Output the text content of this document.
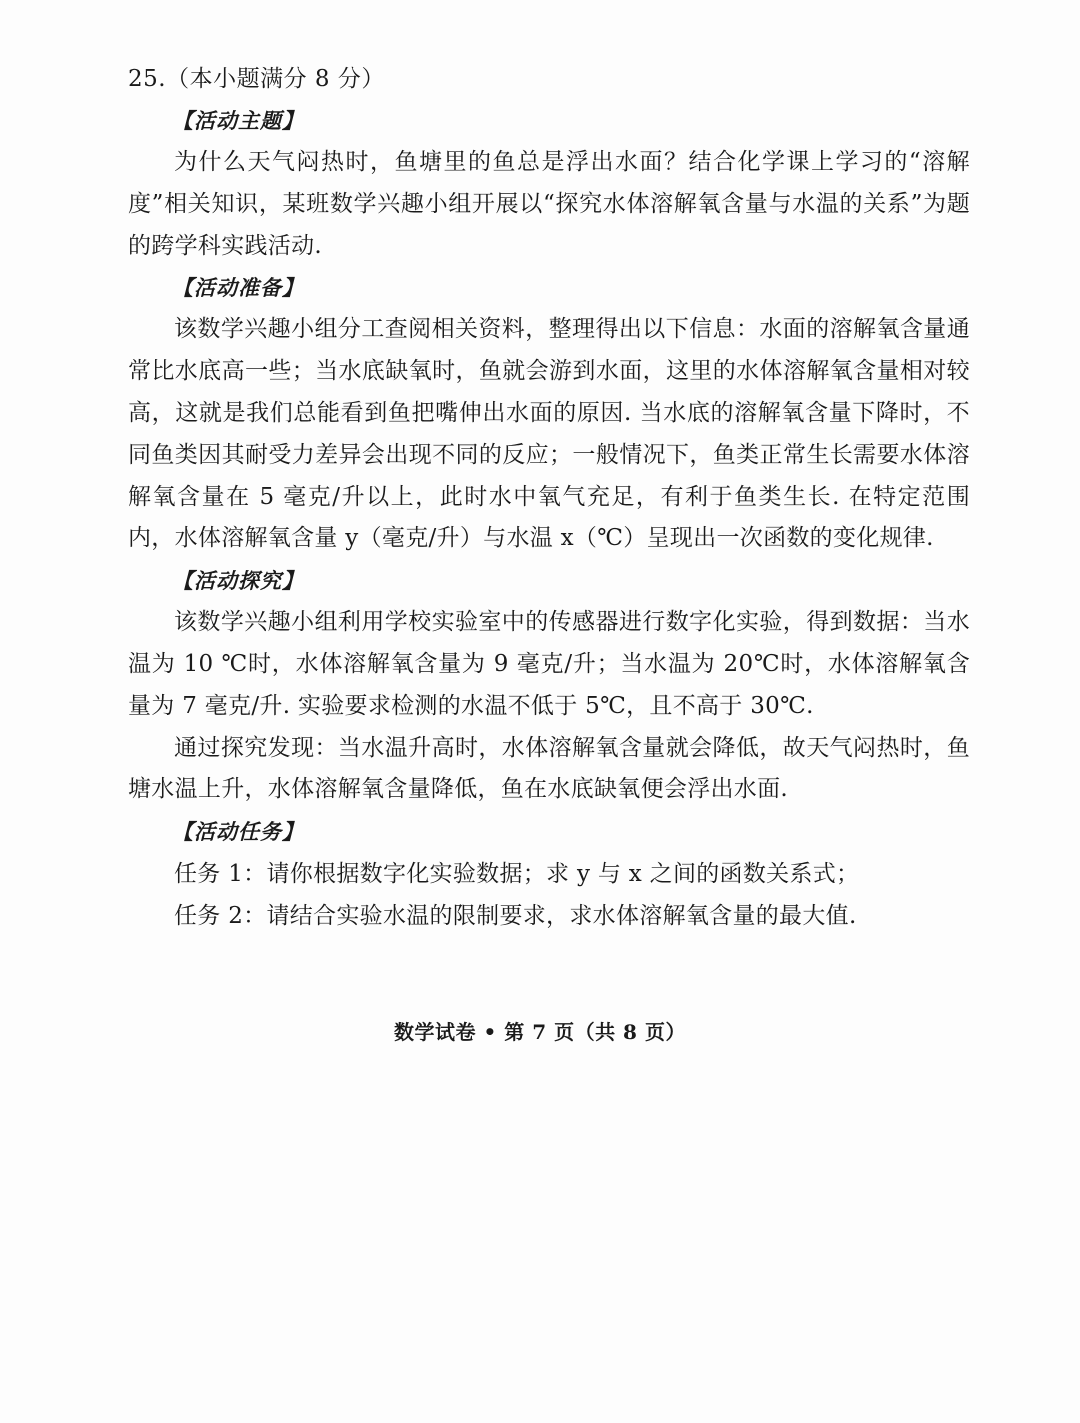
25.（本小题满分 8 分）

【活动主题】

为什么天气闷热时，鱼塘里的鱼总是浮出水面？结合化学课上学习的“溶解度”相关知识，某班数学兴趣小组开展以“探究水体溶解氧含量与水温的关系”为题的跨学科实践活动.

【活动准备】

该数学兴趣小组分工查阅相关资料，整理得出以下信息：水面的溶解氧含量通常比水底高一些；当水底缺氧时，鱼就会游到水面，这里的水体溶解氧含量相对较高，这就是我们总能看到鱼把嘴伸出水面的原因. 当水底的溶解氧含量下降时，不同鱼类因其耐受力差异会出现不同的反应；一般情况下，鱼类正常生长需要水体溶解氧含量在 5 毫克/升以上，此时水中氧气充足，有利于鱼类生长. 在特定范围内，水体溶解氧含量 y（毫克/升）与水温 x（℃）呈现出一次函数的变化规律.

【活动探究】

该数学兴趣小组利用学校实验室中的传感器进行数字化实验，得到数据：当水温为 10 ℃时，水体溶解氧含量为 9 毫克/升；当水温为 20℃时，水体溶解氧含量为 7 毫克/升. 实验要求检测的水温不低于 5℃，且不高于 30℃.

通过探究发现：当水温升高时，水体溶解氧含量就会降低，故天气闷热时，鱼塘水温上升，水体溶解氧含量降低，鱼在水底缺氧便会浮出水面.

【活动任务】

任务 1：请你根据数字化实验数据；求 y 与 x 之间的函数关系式；

任务 2：请结合实验水温的限制要求，求水体溶解氧含量的最大值.

数学试卷 • 第 7 页（共 8 页）
